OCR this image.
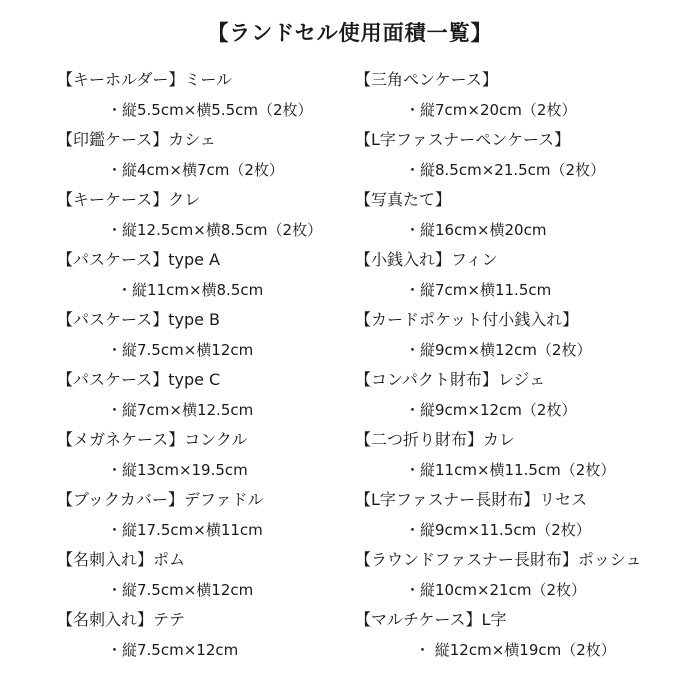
【ランドセル使用面積一覧】
【キーホルダー】ミール
・縦5.5cm×横5.5cm（2枚）
【印鑑ケース】カシェ
・縦4cm×横7cm（2枚）
【キーケース】クレ
・縦12.5cm×横8.5cm（2枚）
【パスケース】type A
・縦11cm×横8.5cm
【パスケース】type B
・縦7.5cm×横12cm
【パスケース】type C
・縦7cm×横12.5cm
【メガネケース】コンクル
・縦13cm×19.5cm
【ブックカバー】デファドル
・縦17.5cm×横11cm
【名刺入れ】ポム
・縦7.5cm×横12cm
【名刺入れ】テテ
・縦7.5cm×12cm
【三角ペンケース】
・縦7cm×20cm（2枚）
【L字ファスナーペンケース】
・縦8.5cm×21.5cm（2枚）
【写真たて】
・縦16cm×横20cm
【小銭入れ】フィン
・縦7cm×横11.5cm
【カードポケット付小銭入れ】
・縦9cm×横12cm（2枚）
【コンパクト財布】レジェ
・縦9cm×12cm（2枚）
【二つ折り財布】カレ
・縦11cm×横11.5cm（2枚）
【L字ファスナー長財布】リセス
・縦9cm×11.5cm（2枚）
【ラウンドファスナー長財布】ポッシュ
・縦10cm×21cm（2枚）
【マルチケース】L字
・ 縦12cm×横19cm（2枚）
